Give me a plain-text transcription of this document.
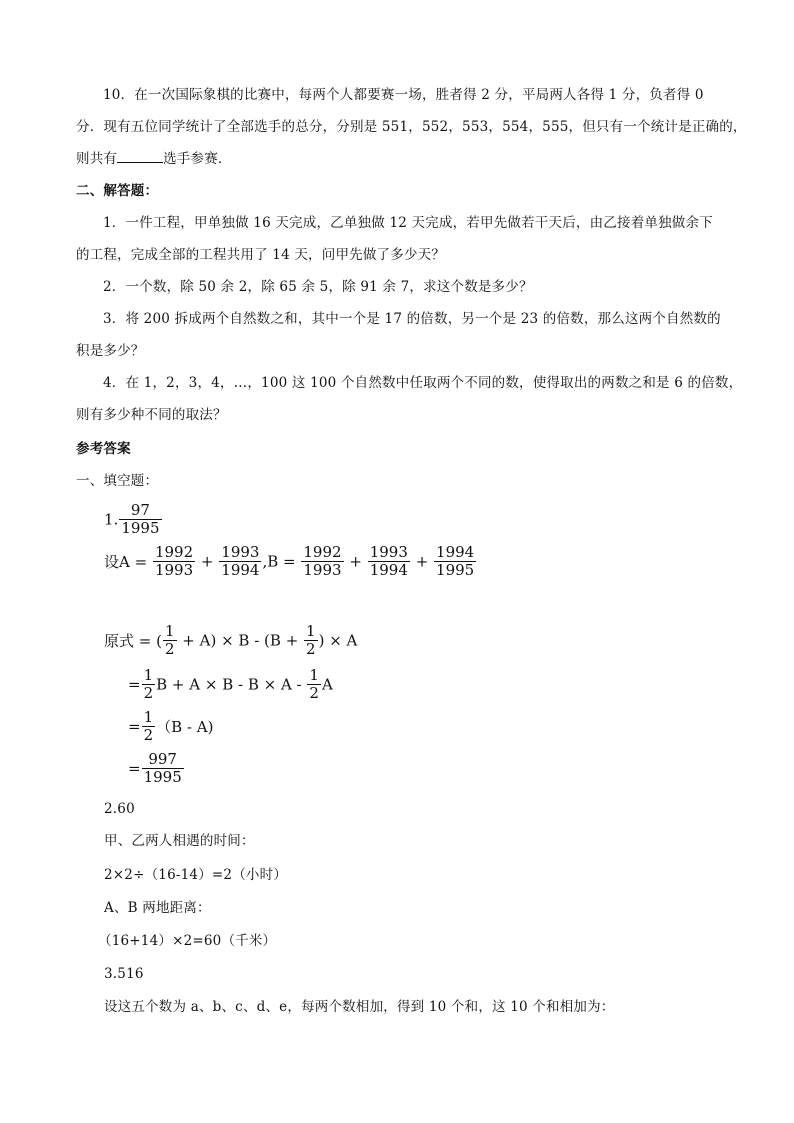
10．在一次国际象棋的比赛中，每两个人都要赛一场，胜者得 2 分，平局两人各得 1 分，负者得 0
分．现有五位同学统计了全部选手的总分，分别是 551，552，553，554，555，但只有一个统计是正确的，
则共有	选手参赛．
二、解答题：
1．一件工程，甲单独做 16 天完成，乙单独做 12 天完成，若甲先做若干天后，由乙接着单独做余下
的工程，完成全部的工程共用了 14 天，问甲先做了多少天？
2．一个数，除 50 余 2，除 65 余 5，除 91 余 7，求这个数是多少？
3．将 200 拆成两个自然数之和，其中一个是 17 的倍数，另一个是 23 的倍数，那么这两个自然数的
积是多少？
4．在 1，2，3，4，…，100 这 100 个自然数中任取两个不同的数，使得取出的两数之和是 6 的倍数，
则有多少种不同的取法？
参考答案
一、填空题：
1. $\frac{97}{1995}$
设$A = \frac{1992}{1993} + \frac{1993}{1994} ,B = \frac{1992}{1993} + \frac{1993}{1994} + \frac{1994}{1995}$
原式 = ( $\frac{1}{2} + A) \times B - (B + \frac{1}{2}$ ) × A
= $\frac{1}{2}$ $B + A \times B - B \times A - \frac{1}{2}$ A
= $\frac{1}{2} (B - A)$
= $\frac{997}{1995}$
2.60
甲、乙两人相遇的时间：
2×2÷（16-14）=2（小时）
A、B 两地距离：
（16+14）×2=60（千米）
3.516
设这五个数为 a、b、c、d、e，每两个数相加，得到 10 个和，这 10 个和相加为：
